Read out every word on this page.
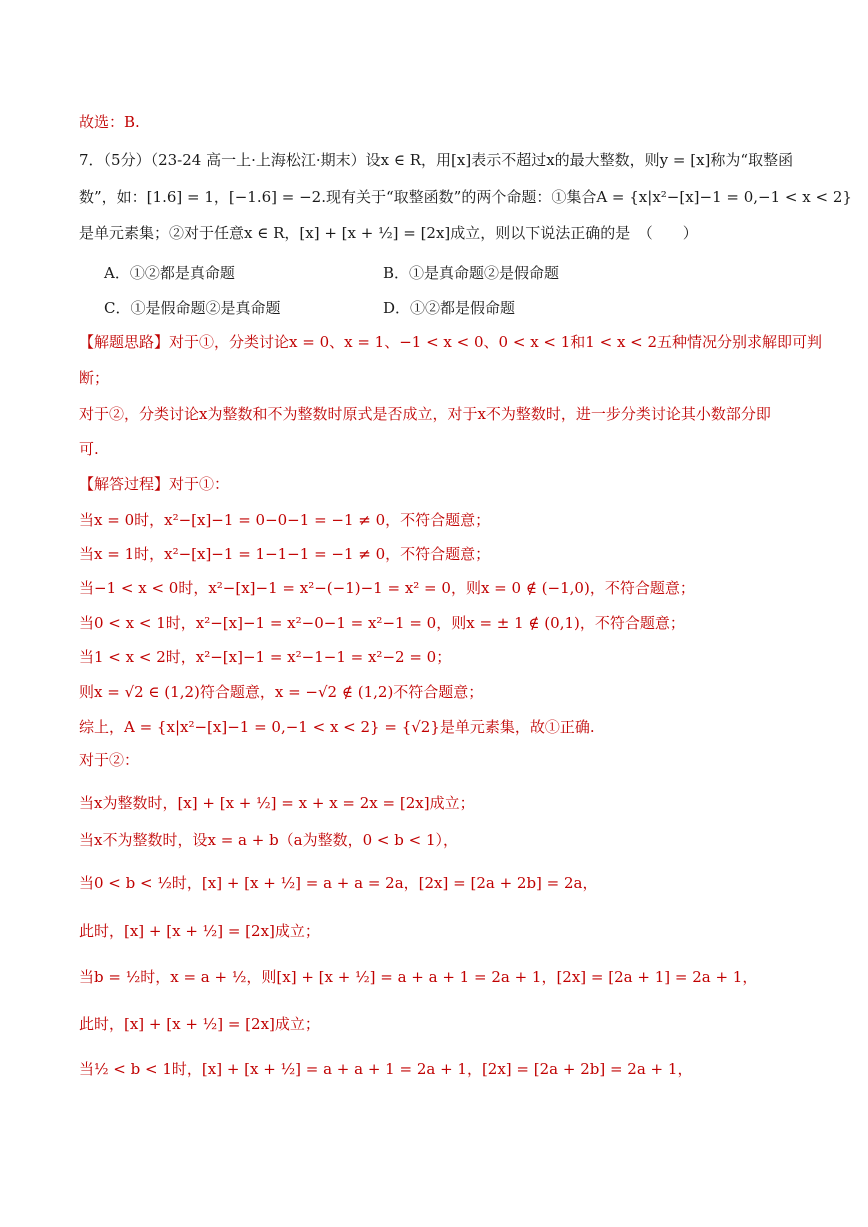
故选：B.
7．（5分）（23-24 高一上·上海松江·期末）设x ∈ R，用[x]表示不超过x的最大整数，则y = [x]称为“取整函
数”，如：[1.6] = 1，[−1.6] = −2.现有关于“取整函数”的两个命题：①集合A = {x|x²−[x]−1 = 0,−1 < x < 2}
是单元素集；②对于任意x ∈ R，[x] + [x + ½] = [2x]成立，则以下说法正确的是　（　　）
【解题思路】对于①，分类讨论x = 0、x = 1、−1 < x < 0、0 < x < 1和1 < x < 2五种情况分别求解即可判
断；
对于②，分类讨论x为整数和不为整数时原式是否成立，对于x不为整数时，进一步分类讨论其小数部分即
可.
【解答过程】对于①：
当x = 0时，x²−[x]−1 = 0−0−1 = −1 ≠ 0，不符合题意；
当x = 1时，x²−[x]−1 = 1−1−1 = −1 ≠ 0，不符合题意；
当−1 < x < 0时，x²−[x]−1 = x²−(−1)−1 = x² = 0，则x = 0 ∉ (−1,0)，不符合题意；
当0 < x < 1时，x²−[x]−1 = x²−0−1 = x²−1 = 0，则x = ± 1 ∉ (0,1)，不符合题意；
当1 < x < 2时，x²−[x]−1 = x²−1−1 = x²−2 = 0；
则x = √2 ∈ (1,2)符合题意，x = −√2 ∉ (1,2)不符合题意；
综上，A = {x|x²−[x]−1 = 0,−1 < x < 2} = {√2}是单元素集，故①正确.
对于②：
当x为整数时，[x] + [x + ½] = x + x = 2x = [2x]成立；
当x不为整数时，设x = a + b（a为整数，0 < b < 1），
当0 < b < ½时，[x] + [x + ½] = a + a = 2a，[2x] = [2a + 2b] = 2a，
此时，[x] + [x + ½] = [2x]成立；
当b = ½时，x = a + ½，则[x] + [x + ½] = a + a + 1 = 2a + 1，[2x] = [2a + 1] = 2a + 1，
此时，[x] + [x + ½] = [2x]成立；
当½ < b < 1时，[x] + [x + ½] = a + a + 1 = 2a + 1，[2x] = [2a + 2b] = 2a + 1，
A．①②都是真命题	B．①是真命题②是假命题
C．①是假命题②是真命题	D．①②都是假命题
